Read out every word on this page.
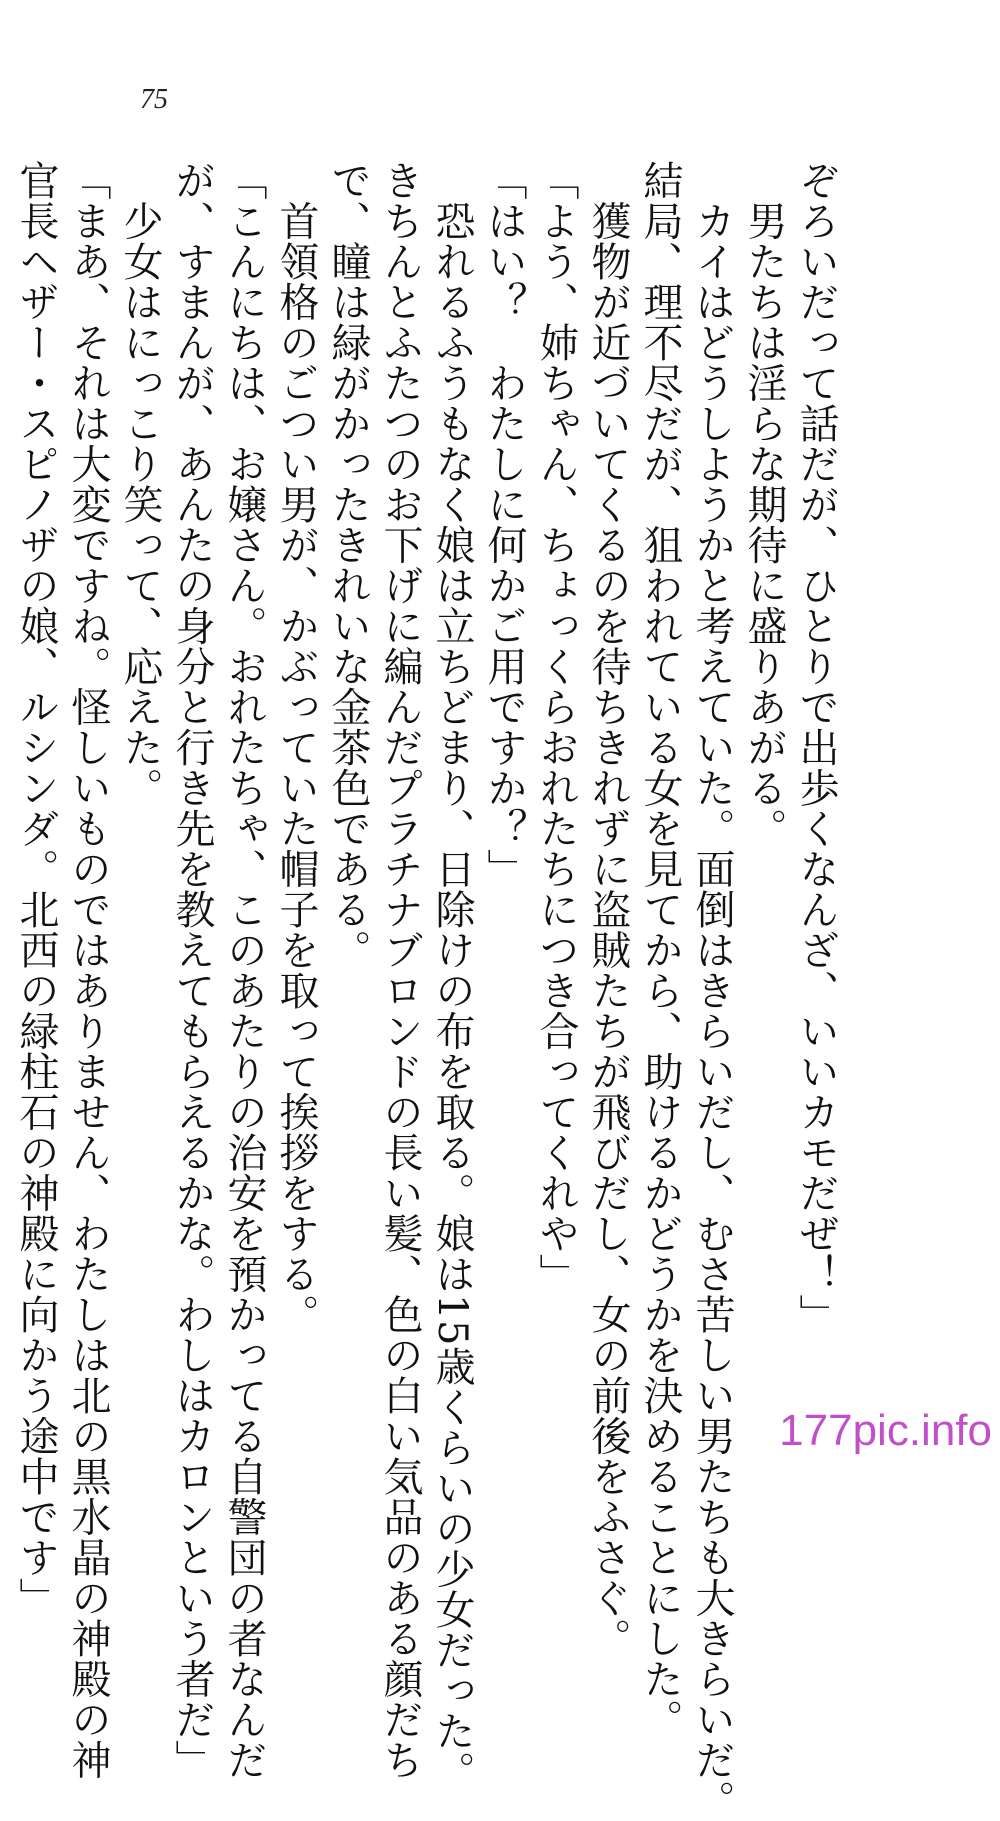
75

ぞろいだって話だが、ひとりで出歩くなんざ、いいカモだぜ！」

　男たちは淫らな期待に盛りあがる。

　カイはどうしようかと考えていた。面倒はきらいだし、むさ苦しい男たちも大きらいだ。

結局、理不尽だが、狙われている女を見てから、助けるかどうかを決めることにした。

　獲物が近づいてくるのを待ちきれずに盗賊たちが飛びだし、女の前後をふさぐ。

「よう、姉ちゃん、ちょっくらおれたちにつき合ってくれや」

「はい？　わたしに何かご用ですか？」

　恐れるふうもなく娘は立ちどまり、日除けの布を取る。娘は15歳くらいの少女だった。

きちんとふたつのお下げに編んだプラチナブロンドの長い髪、色の白い気品のある顔だち

で、瞳は緑がかったきれいな金茶色である。

　首領格のごつい男が、かぶっていた帽子を取って挨拶をする。

「こんにちは、お嬢さん。おれたちゃ、このあたりの治安を預かってる自警団の者なんだ

が、すまんが、あんたの身分と行き先を教えてもらえるかな。わしはカロンという者だ」

　少女はにっこり笑って、応えた。

「まあ、それは大変ですね。怪しいものではありません、わたしは北の黒水晶の神殿の神

官長ヘザー・スピノザの娘、ルシンダ。北西の緑柱石の神殿に向かう途中です」	177pic.info
